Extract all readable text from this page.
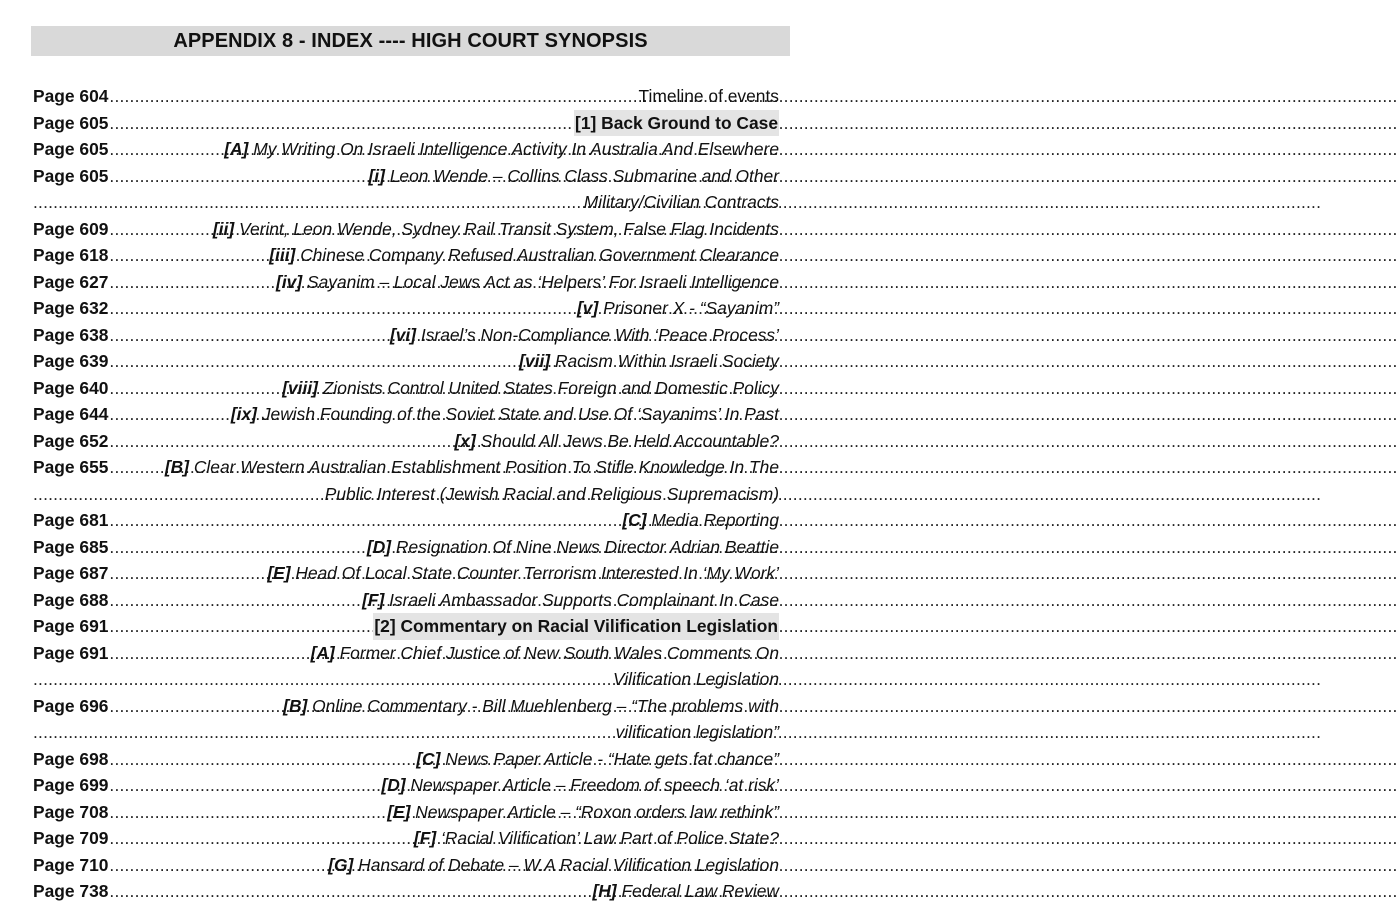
APPENDIX 8 - INDEX ---- HIGH COURT SYNOPSIS
Page 604 .....	Timeline of events
Page 605 .....	[1] Back Ground to Case
Page 605 .....	[A] My Writing On Israeli Intelligence Activity In Australia And Elsewhere
Page 605 .....	[i] Leon Wende – Collins Class Submarine and Other
.....
Military/Civilian Contracts
Page 609 .....	[ii] Verint, Leon Wende, Sydney Rail Transit System, False Flag Incidents
Page 618 .....	[iii] Chinese Company Refused Australian Government Clearance
Page 627 .....	[iv] Sayanim – Local Jews Act as ‘Helpers’ For Israeli Intelligence
Page 632 .....	[v] Prisoner X - “Sayanim”
Page 638 .....	[vi] Israel’s Non-Compliance With ‘Peace Process’
Page 639 .....	[vii] Racism Within Israeli Society
Page 640 .....	[viii] Zionists Control United States Foreign and Domestic Policy
Page 644 .....	[ix] Jewish Founding of the Soviet State and Use Of ‘Sayanims’ In Past
Page 652 .....	[x] Should All Jews Be Held Accountable?
Page 655 .....	[B] Clear Western Australian Establishment Position To Stifle Knowledge In The
.....
Public Interest (Jewish Racial and Religious Supremacism)
Page 681 .....	[C] Media Reporting
Page 685 .....	[D] Resignation Of Nine News Director Adrian Beattie
Page 687 .....	[E] Head Of Local State Counter Terrorism Interested In ‘My Work’
Page 688 .....	[F] Israeli Ambassador Supports Complainant In Case
Page 691 .....	[2] Commentary on Racial Vilification Legislation
Page 691 .....	[A] Former Chief Justice of New South Wales Comments On
.....
Vilification Legislation
Page 696 .....	[B] Online Commentary - Bill Muehlenberg – “The problems with
.....
vilification legislation”
Page 698 .....	[C] News Paper Article - “Hate gets fat chance”
Page 699 .....	[D] Newspaper Article – Freedom of speech ‘at risk’
Page 708 .....	[E] Newspaper Article – “Roxon orders law rethink”
Page 709 .....	[F] ‘Racial Vilification’ Law Part of Police State?
Page 710 .....	[G] Hansard of Debate – W.A Racial Vilification Legislation
Page 738 .....	[H] Federal Law Review
